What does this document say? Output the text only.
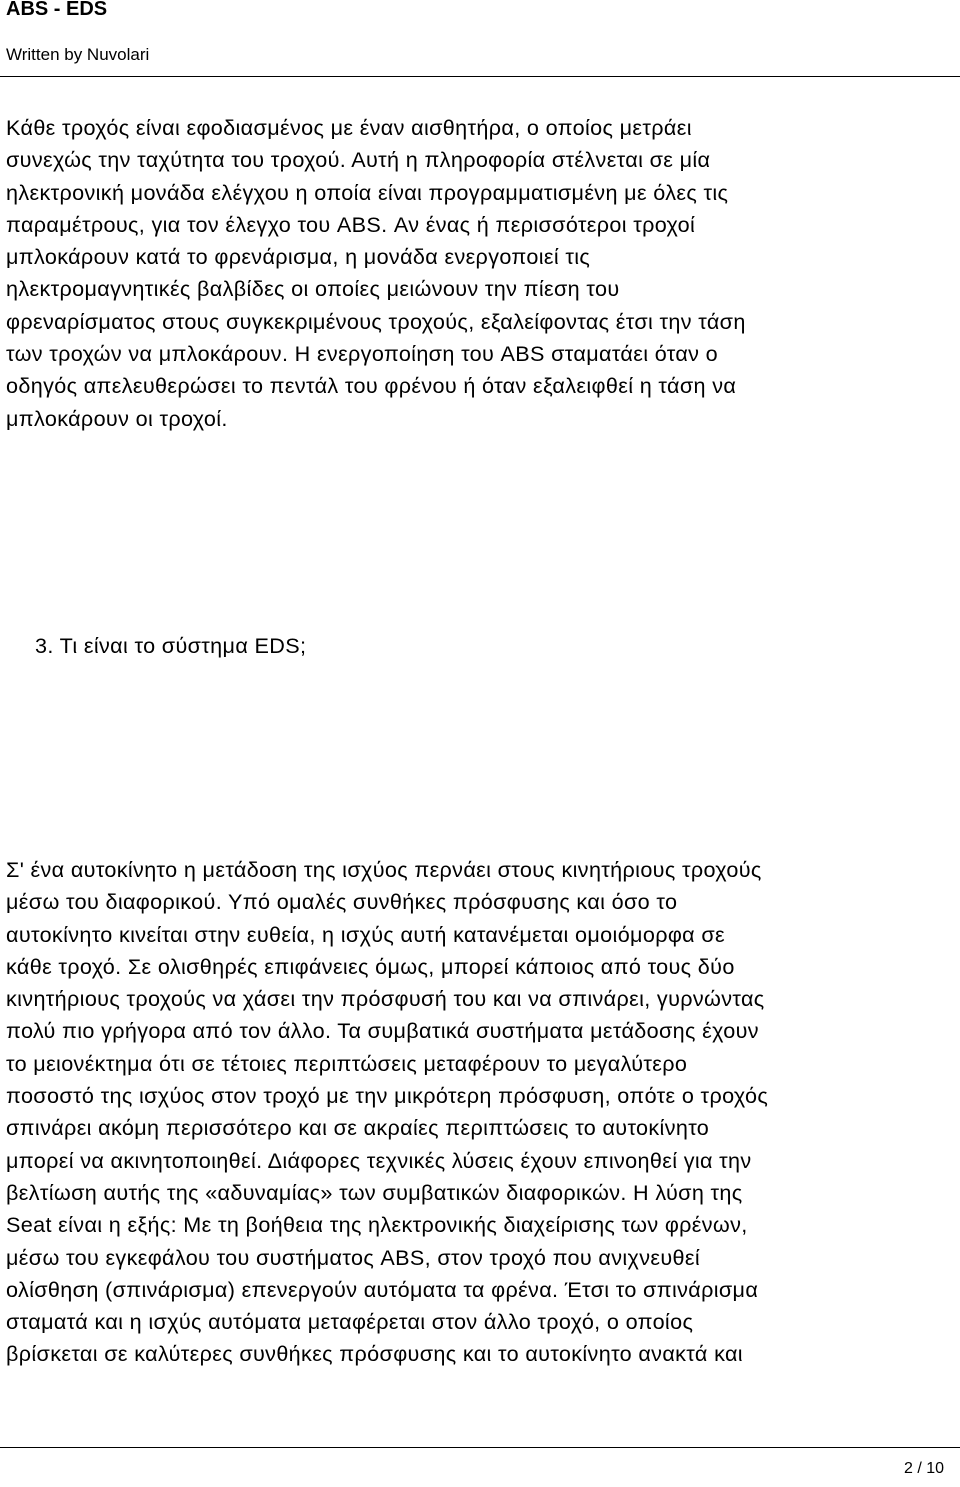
ABS - EDS
Written by Nuvolari

Κάθε τροχός είναι εφοδιασμένος με έναν αισθητήρα, ο οποίος μετράει
συνεχώς την ταχύτητα του τροχού. Αυτή η πληροφορία στέλνεται σε μία
ηλεκτρονική μονάδα ελέγχου η οποία είναι προγραμματισμένη με όλες τις
παραμέτρους, για τον έλεγχο του ABS. Αν ένας ή περισσότεροι τροχοί
μπλοκάρουν κατά το φρενάρισμα, η μονάδα ενεργοποιεί τις
ηλεκτρομαγνητικές βαλβίδες οι οποίες μειώνουν την πίεση του
φρεναρίσματος στους συγκεκριμένους τροχούς, εξαλείφοντας έτσι την τάση
των τροχών να μπλοκάρουν. Η ενεργοποίηση του ABS σταματάει όταν ο
οδηγός απελευθερώσει το πεντάλ του φρένου ή όταν εξαλειφθεί η τάση να
μπλοκάρουν οι τροχοί.

3. Τι είναι το σύστημα EDS;

Σ' ένα αυτοκίνητο η μετάδοση της ισχύος περνάει στους κινητήριους τροχούς
μέσω του διαφορικού. Υπό ομαλές συνθήκες πρόσφυσης και όσο το
αυτοκίνητο κινείται στην ευθεία, η ισχύς αυτή κατανέμεται ομοιόμορφα σε
κάθε τροχό. Σε ολισθηρές επιφάνειες όμως, μπορεί κάποιος από τους δύο
κινητήριους τροχούς να χάσει την πρόσφυσή του και να σπινάρει, γυρνώντας
πολύ πιο γρήγορα από τον άλλο. Τα συμβατικά συστήματα μετάδοσης έχουν
το μειονέκτημα ότι σε τέτοιες περιπτώσεις μεταφέρουν το μεγαλύτερο
ποσοστό της ισχύος στον τροχό με την μικρότερη πρόσφυση, οπότε ο τροχός
σπινάρει ακόμη περισσότερο και σε ακραίες περιπτώσεις το αυτοκίνητο
μπορεί να ακινητοποιηθεί. Διάφορες τεχνικές λύσεις έχουν επινοηθεί για την
βελτίωση αυτής της «αδυναμίας» των συμβατικών διαφορικών. Η λύση της
Seat είναι η εξής: Με τη βοήθεια της ηλεκτρονικής διαχείρισης των φρένων,
μέσω του εγκεφάλου του συστήματος ABS, στον τροχό που ανιχνευθεί
ολίσθηση (σπινάρισμα) επενεργούν αυτόματα τα φρένα. Έτσι το σπινάρισμα
σταματά και η ισχύς αυτόματα μεταφέρεται στον άλλο τροχό, ο οποίος
βρίσκεται σε καλύτερες συνθήκες πρόσφυσης και το αυτοκίνητο ανακτά και

2 / 10
